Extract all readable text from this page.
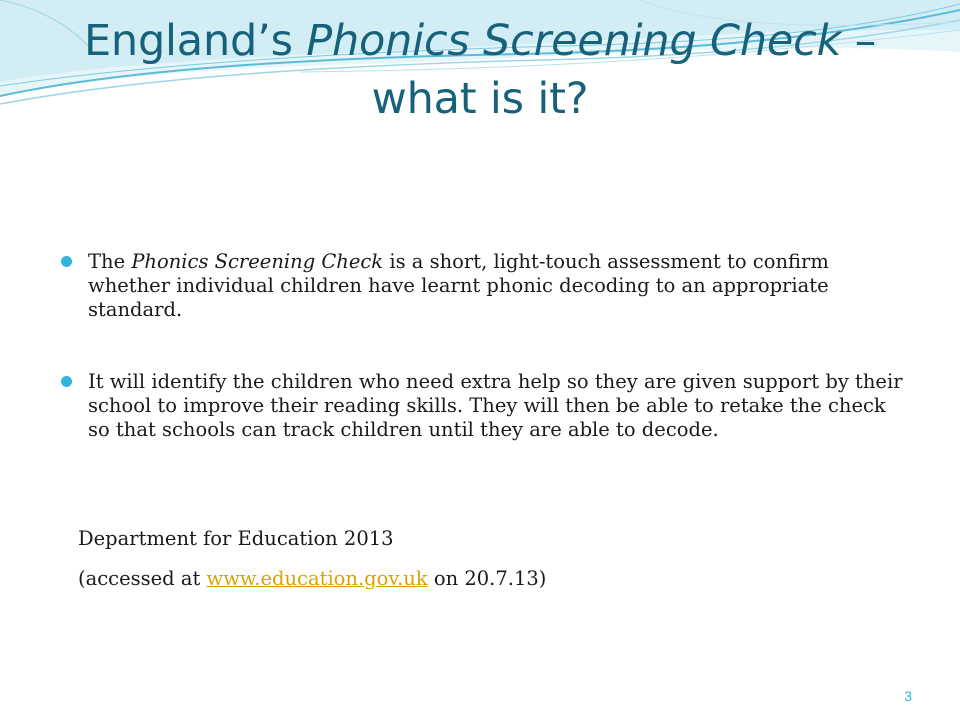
England’s Phonics Screening Check – what is it?
The Phonics Screening Check is a short, light-touch assessment to confirm whether individual children have learnt phonic decoding to an appropriate standard.
It will identify the children who need extra help so they are given support by their school to improve their reading skills. They will then be able to retake the check so that schools can track children until they are able to decode.
Department for Education 2013
(accessed at www.education.gov.uk on 20.7.13)
3
